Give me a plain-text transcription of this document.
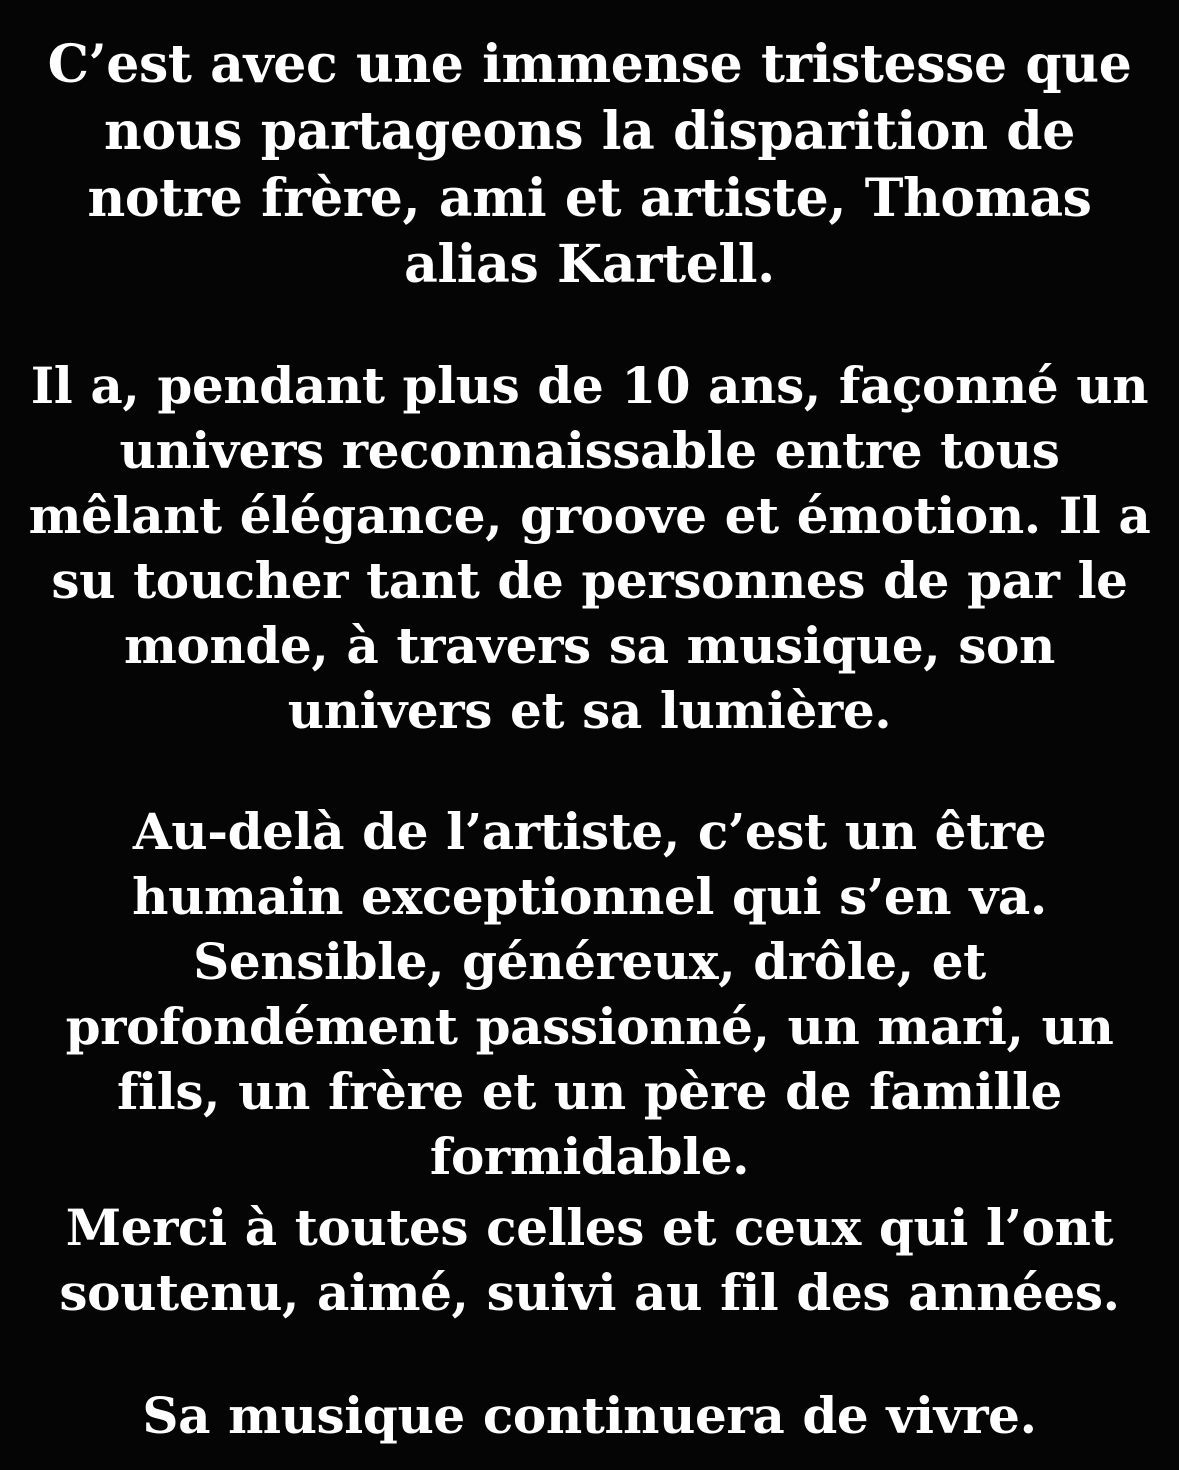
C’est avec une immense tristesse que nous partageons la disparition de notre frère, ami et artiste, Thomas alias Kartell.

Il a, pendant plus de 10 ans, façonné un univers reconnaissable entre tous mêlant élégance, groove et émotion. Il a su toucher tant de personnes de par le monde, à travers sa musique, son univers et sa lumière.

Au-delà de l’artiste, c’est un être humain exceptionnel qui s’en va. Sensible, généreux, drôle, et profondément passionné, un mari, un fils, un frère et un père de famille formidable.

Merci à toutes celles et ceux qui l’ont soutenu, aimé, suivi au fil des années.

Sa musique continuera de vivre.
